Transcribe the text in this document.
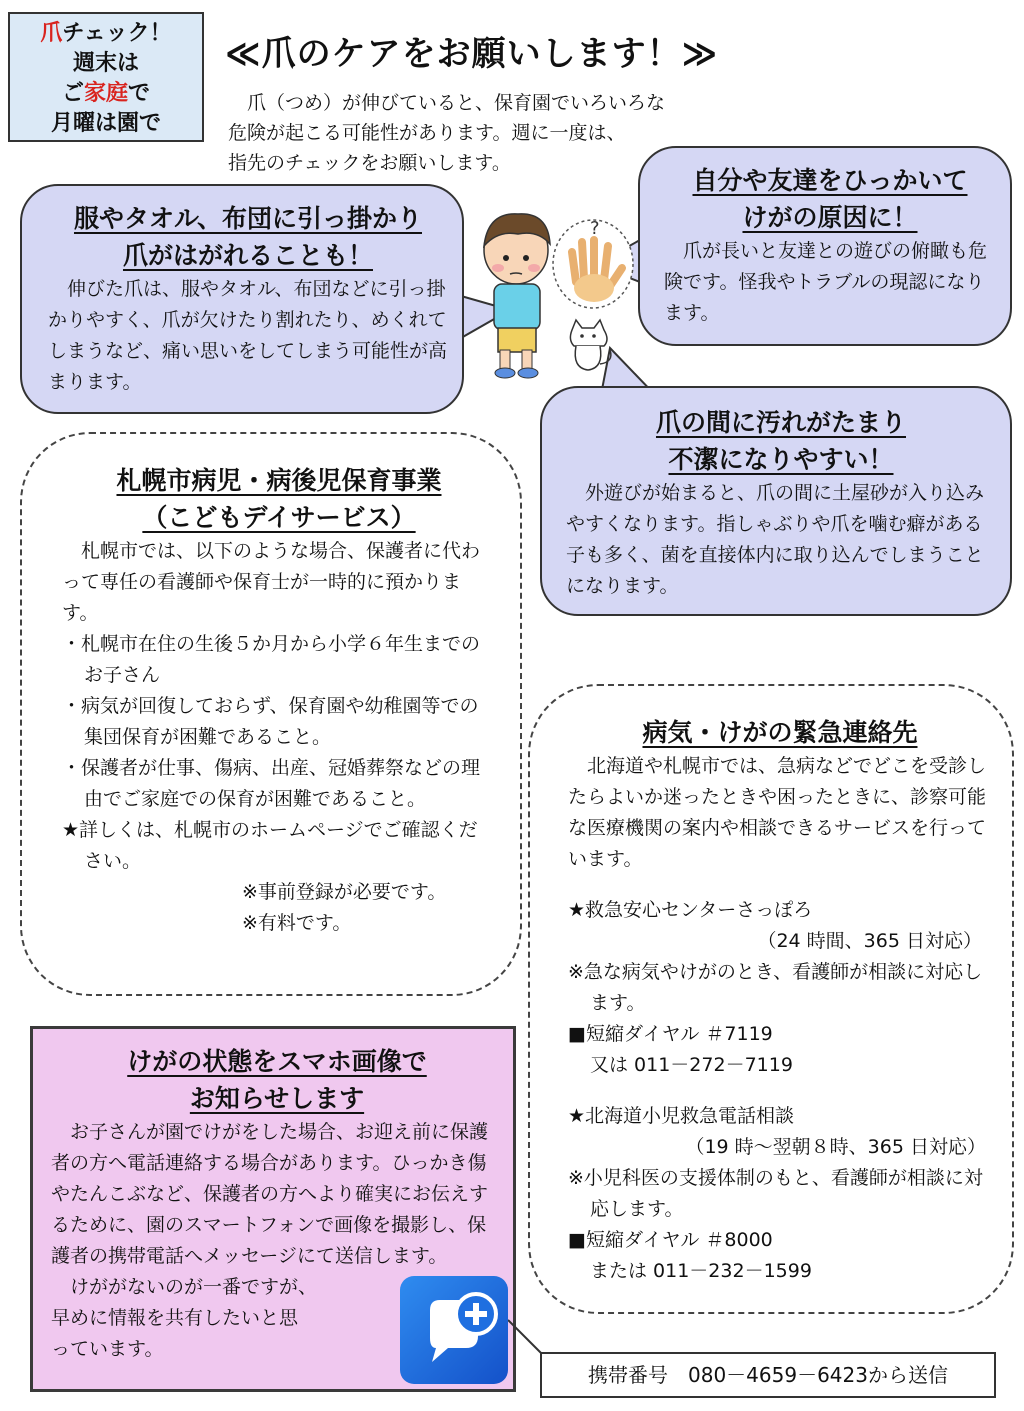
爪チェック！
週末は
ご家庭で
月曜は園で
≪爪のケアをお願いします！≫

　爪（つめ）が伸びていると、保育園でいろいろな

危険が起こる可能性があります。週に一度は、

指先のチェックをお願いします。

服やタオル、布団に引っ掛かり
爪がはがれることも！

　伸びた爪は、服やタオル、布団などに引っ掛かりやすく、爪が欠けたり割れたり、めくれてしまうなど、痛い思いをしてしまう可能性が高まります。

自分や友達をひっかいて
けがの原因に！

　爪が長いと友達との遊びの俯瞰も危険です。怪我やトラブルの現認になります。

爪の間に汚れがたまり
不潔になりやすい！

　外遊びが始まると、爪の間に土屋砂が入り込みやすくなります。指しゃぶりや爪を噛む癖がある子も多く、菌を直接体内に取り込んでしまうことになります。

?
札幌市病児・病後児保育事業
（こどもデイサービス）

　札幌市では、以下のような場合、保護者に代わって専任の看護師や保育士が一時的に預かります。

・札幌市在住の生後５か月から小学６年生までのお子さん

・病気が回復しておらず、保育園や幼稚園等での集団保育が困難であること。

・保護者が仕事、傷病、出産、冠婚葬祭などの理由でご家庭での保育が困難であること。

★詳しくは、札幌市のホームページでご確認ください。

※事前登録が必要です。

※有料です。

病気・けがの緊急連絡先

　北海道や札幌市では、急病などでどこを受診したらよいか迷ったときや困ったときに、診察可能な医療機関の案内や相談できるサービスを行っています。

★救急安心センターさっぽろ

（24 時間、365 日対応）

※急な病気やけがのとき、看護師が相談に対応します。

■短縮ダイヤル ＃7119

又は 011－272－7119

★北海道小児救急電話相談

（19 時～翌朝８時、365 日対応）

※小児科医の支援体制のもと、看護師が相談に対応します。

■短縮ダイヤル ＃8000

または 011－232－1599

けがの状態をスマホ画像で
お知らせします

　お子さんが園でけがをした場合、お迎え前に保護者の方へ電話連絡する場合があります。ひっかき傷やたんこぶなど、保護者の方へより確実にお伝えするために、園のスマートフォンで画像を撮影し、保護者の携帯電話へメッセージにて送信します。

　けががないのが一番ですが、

早めに情報を共有したいと思

っています。

携帯番号　080－4659－6423から送信
